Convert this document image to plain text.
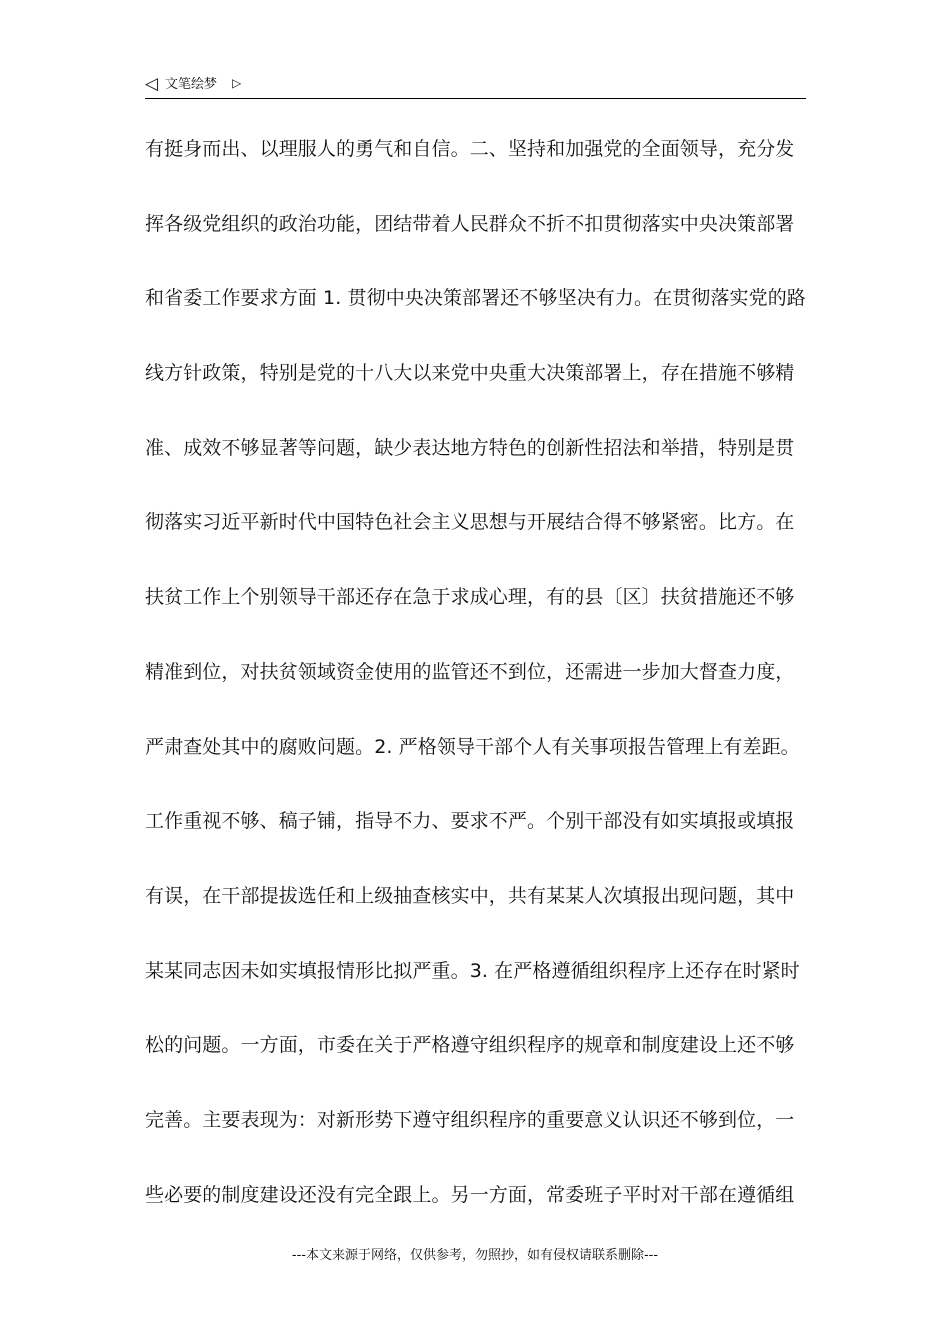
◁ 文笔绘梦 ▷
有挺身而出、以理服人的勇气和自信。二、坚持和加强党的全面领导，充分发
挥各级党组织的政治功能，团结带着人民群众不折不扣贯彻落实中央决策部署
和省委工作要求方面 1. 贯彻中央决策部署还不够坚决有力。在贯彻落实党的路
线方针政策，特别是党的十八大以来党中央重大决策部署上，存在措施不够精
准、成效不够显著等问题，缺少表达地方特色的创新性招法和举措，特别是贯
彻落实习近平新时代中国特色社会主义思想与开展结合得不够紧密。比方。在
扶贫工作上个别领导干部还存在急于求成心理，有的县〔区〕扶贫措施还不够
精准到位，对扶贫领域资金使用的监管还不到位，还需进一步加大督查力度，
严肃查处其中的腐败问题。2. 严格领导干部个人有关事项报告管理上有差距。
工作重视不够、稿子铺，指导不力、要求不严。个别干部没有如实填报或填报
有误，在干部提拔选任和上级抽查核实中，共有某某人次填报出现问题，其中
某某同志因未如实填报情形比拟严重。3. 在严格遵循组织程序上还存在时紧时
松的问题。一方面，市委在关于严格遵守组织程序的规章和制度建设上还不够
完善。主要表现为：对新形势下遵守组织程序的重要意义认识还不够到位，一
些必要的制度建设还没有完全跟上。另一方面，常委班子平时对干部在遵循组
---本文来源于网络，仅供参考，勿照抄，如有侵权请联系删除---
